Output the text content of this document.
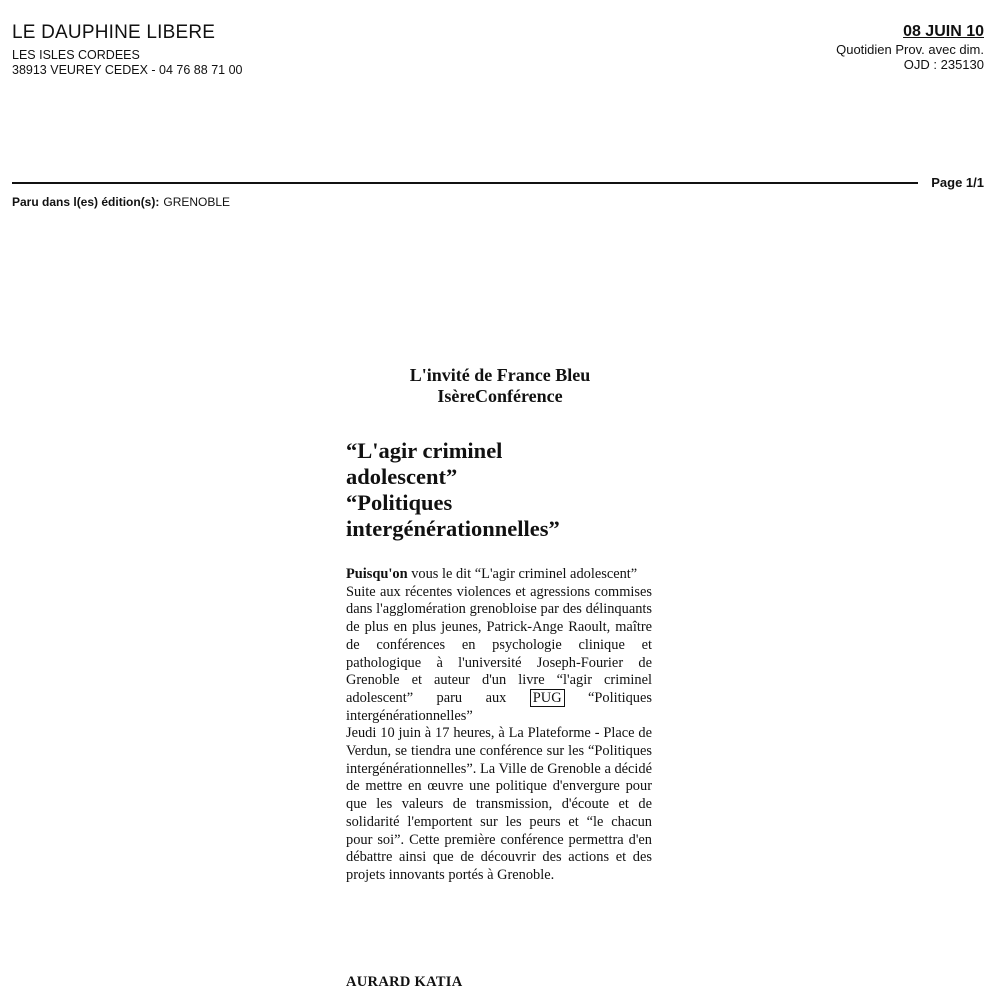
LE DAUPHINE LIBERE
LES ISLES CORDEES
38913 VEUREY CEDEX - 04 76 88 71 00
08 JUIN 10
Quotidien Prov. avec dim.
OJD : 235130
Page 1/1
Paru dans l(es) édition(s): GRENOBLE
L'invité de France Bleu
IsèreConférence
“L'agir criminel
adolescent”
“Politiques
intergénérationnelles”

Puisqu'on vous le dit “L'agir criminel adolescent”

Suite aux récentes violences et agressions commises dans l'agglomération grenobloise par des délinquants de plus en plus jeunes, Patrick-Ange Raoult, maître de conférences en psychologie clinique et pathologique à l'université Joseph-Fourier de Grenoble et auteur d'un livre “l'agir criminel adolescent” paru aux PUG “Politiques intergénérationnelles”

Jeudi 10 juin à 17 heures, à La Plateforme - Place de Verdun, se tiendra une conférence sur les “Politiques intergénérationnelles”. La Ville de Grenoble a décidé de mettre en œuvre une politique d'envergure pour que les valeurs de transmission, d'écoute et de solidarité l'emportent sur les peurs et “le chacun pour soi”. Cette première conférence permettra d'en débattre ainsi que de découvrir des actions et des projets innovants portés à Grenoble.

AURARD KATIA
